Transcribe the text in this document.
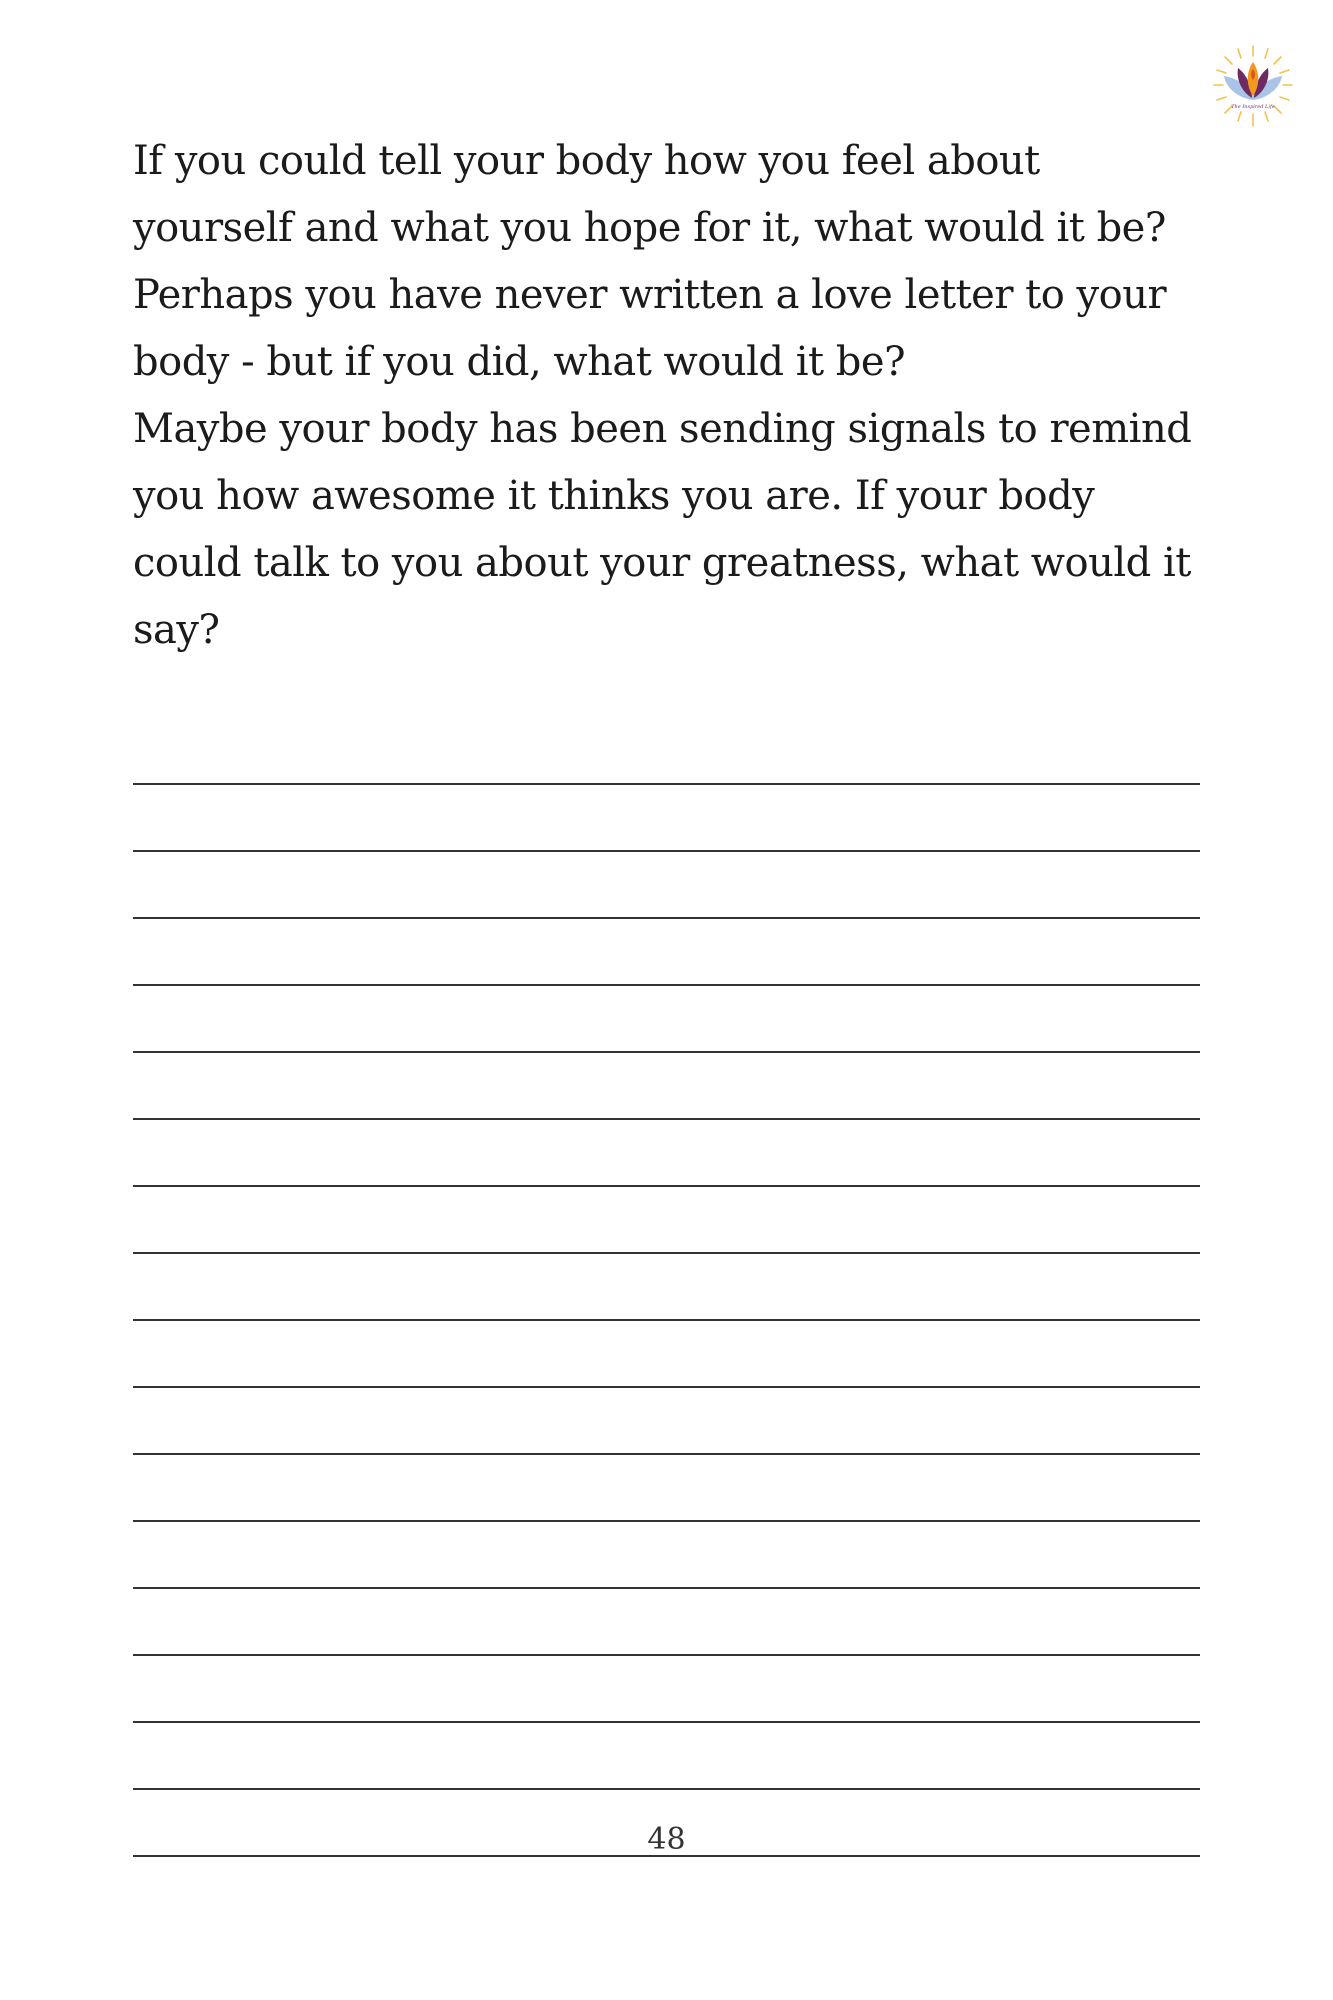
The Inspired Life

If you could tell your body how you feel about
yourself and what you hope for it, what would it be?
Perhaps you have never written a love letter to your
body - but if you did, what would it be?
Maybe your body has been sending signals to remind
you how awesome it thinks you are. If your body
could talk to you about your greatness, what would it
say?

48
